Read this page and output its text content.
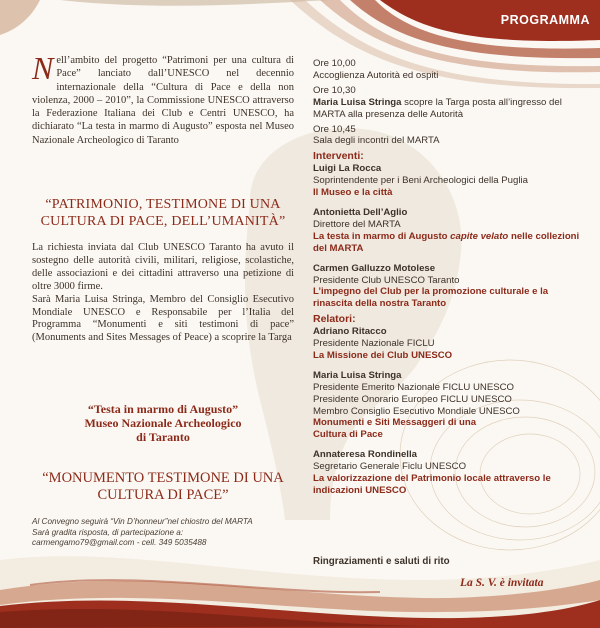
PROGRAMMA
Nell’ambito del progetto “Patrimoni per una cultura di Pace” lanciato dall’UNESCO nel decennio internazionale della “Cultura di Pace e della non violenza, 2000 – 2010”, la Commissione UNESCO attraverso la Federazione Italiana dei Club e Centri UNESCO, ha dichiarato “La testa in marmo di Augusto” esposta nel Museo Nazionale Archeologico di Taranto
“PATRIMONIO, TESTIMONE DI UNA CULTURA DI PACE, DELL’UMANITÀ”
La richiesta inviata dal Club UNESCO Taranto ha avuto il sostegno delle autorità civili, militari, religiose, scolastiche, delle associazioni e dei cittadini attraverso una petizione di oltre 3000 firme.
Sarà Maria Luisa Stringa, Membro del Consiglio Esecutivo Mondiale UNESCO e Responsabile per l’Italia del Programma “Monumenti e siti testimoni di pace” (Monuments and Sites Messages of Peace) a scoprire la Targa
“Testa in marmo di Augusto”
Museo Nazionale Archeologico
di Taranto
“MONUMENTO TESTIMONE DI UNA CULTURA DI PACE”
Al Convegno seguirà “Vin D’honneur”nel chiostro del MARTA
Sarà gradita risposta, di partecipazione a:
carmengamo79@gmail.com - cell. 349 5035488
Ore 10,00
Accoglienza Autorità ed ospiti
Ore 10,30
Maria Luisa Stringa scopre la Targa posta all’ingresso del MARTA alla presenza delle Autorità
Ore 10,45
Sala degli incontri del MARTA
Interventi:
Luigi La Rocca
Soprintendente per i Beni Archeologici della Puglia
Il Museo e la città
Antonietta Dell’Aglio
Direttore del MARTA
La testa in marmo di Augusto capite velato nelle collezioni del MARTA
Carmen Galluzzo Motolese
Presidente Club UNESCO Taranto
L’impegno del Club per la promozione culturale e la rinascita della nostra Taranto
Relatori:
Adriano Ritacco
Presidente Nazionale FICLU
La Missione dei Club UNESCO
Maria Luisa Stringa
Presidente Emerito Nazionale FICLU UNESCO
Presidente Onorario Europeo FICLU UNESCO
Membro Consiglio Esecutivo Mondiale UNESCO
Monumenti e Siti Messaggeri di una Cultura di Pace
Annateresa Rondinella
Segretario Generale Ficlu UNESCO
La valorizzazione del Patrimonio locale attraverso le indicazioni UNESCO
Ringraziamenti e saluti di rito
La S. V. è invitata
